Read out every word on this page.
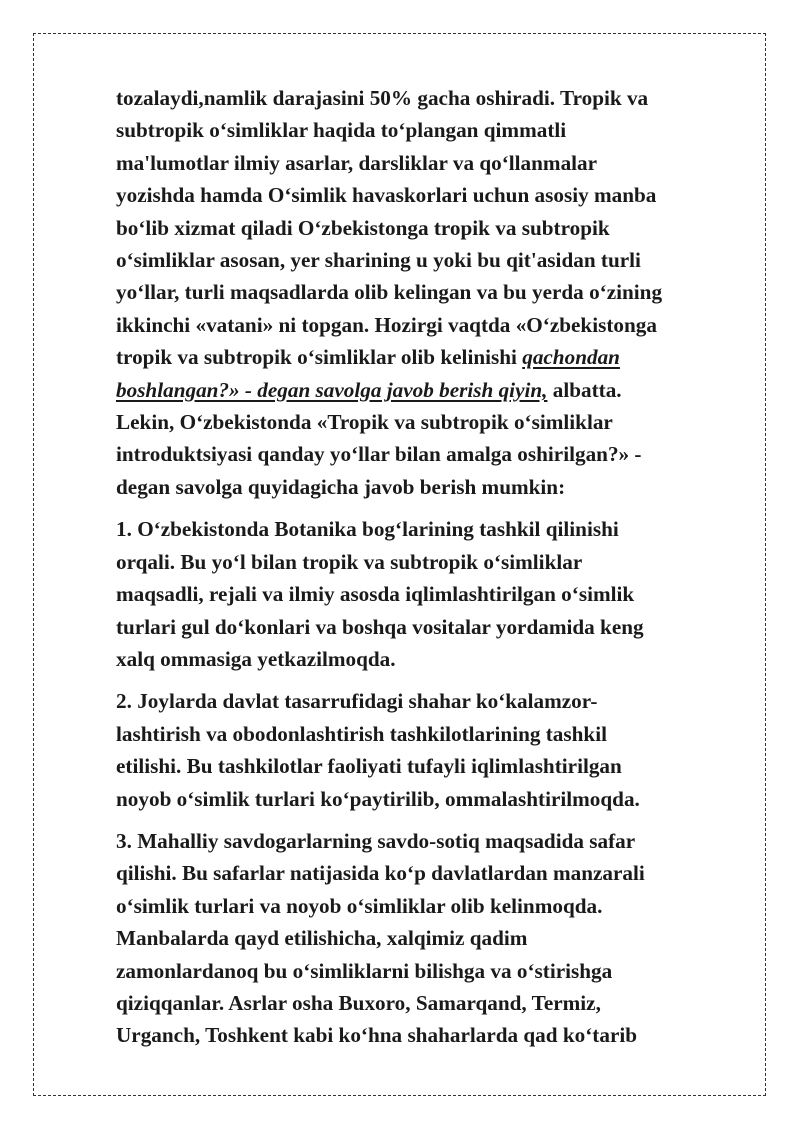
tozalaydi,namlik darajasini 50% gacha oshiradi. Tropik va
subtropik o‘simliklar haqida to‘plangan qimmatli
ma'lumotlar ilmiy asarlar, darsliklar va qo‘llanmalar
yozishda hamda O‘simlik havaskorlari uchun asosiy manba
bo‘lib xizmat qiladi O‘zbekistonga tropik va subtropik
o‘simliklar asosan, yer sharining u yoki bu qit'asidan turli
yo‘llar, turli maqsadlarda olib kelingan va bu yerda o‘zining
ikkinchi «vatani» ni topgan. Hozirgi vaqtda «O‘zbekistonga
tropik va subtropik o‘simliklar olib kelinishi qachondan
boshlangan?» - degan savolga javob berish qiyin, albatta.
Lekin, O‘zbekistonda «Tropik va subtropik o‘simliklar
introduktsiyasi qanday yo‘llar bilan amalga oshirilgan?» -
degan savolga quyidagicha javob berish mumkin:

1. O‘zbekistonda Botanika bog‘larining tashkil qilinishi
orqali. Bu yo‘l bilan tropik va subtropik o‘simliklar
maqsadli, rejali va ilmiy asosda iqlimlashtirilgan o‘simlik
turlari gul do‘konlari va boshqa vositalar yordamida keng
xalq ommasiga yetkazilmoqda.

2. Joylarda davlat tasarrufidagi shahar ko‘kalamzor-
lashtirish va obodonlashtirish tashkilotlarining tashkil
etilishi. Bu tashkilotlar faoliyati tufayli iqlimlashtirilgan
noyob o‘simlik turlari ko‘paytirilib, ommalashtirilmoqda.

3. Mahalliy savdogarlarning savdo-sotiq maqsadida safar
qilishi. Bu safarlar natijasida ko‘p davlatlardan manzarali
o‘simlik turlari va noyob o‘simliklar olib kelinmoqda.
Manbalarda qayd etilishicha, xalqimiz qadim
zamonlardanoq bu o‘simliklarni bilishga va o‘stirishga
qiziqqanlar. Asrlar osha Buxoro, Samarqand, Termiz,
Urganch, Toshkent kabi ko‘hna shaharlarda qad ko‘tarib
